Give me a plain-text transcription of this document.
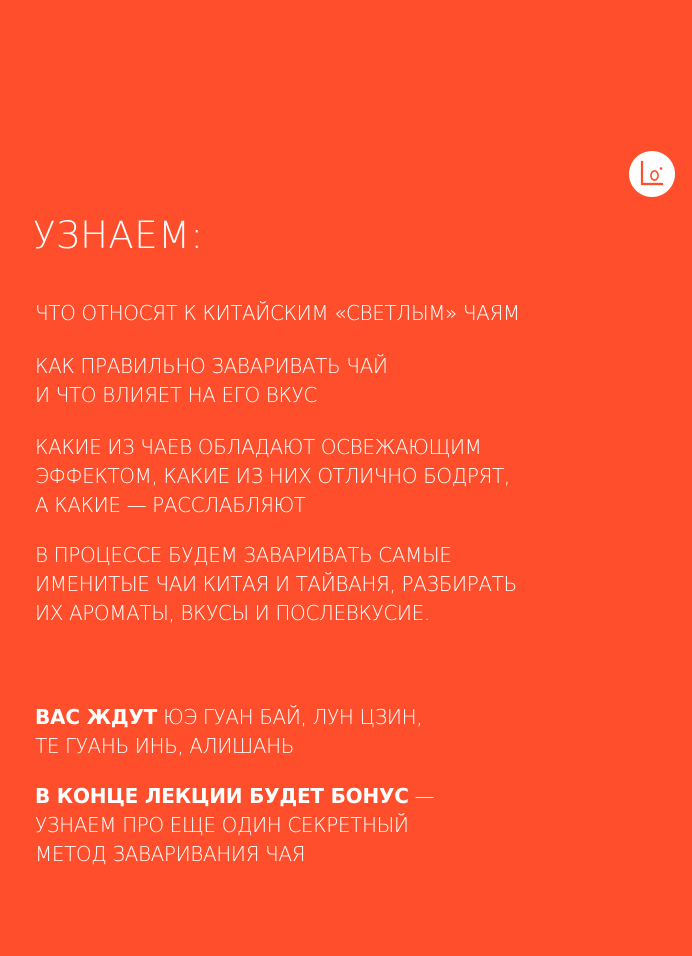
УЗНАЕМ:
ЧТО ОТНОСЯТ К КИТАЙСКИМ «СВЕТЛЫМ» ЧАЯМ
КАК ПРАВИЛЬНО ЗАВАРИВАТЬ ЧАЙ
И ЧТО ВЛИЯЕТ НА ЕГО ВКУС
КАКИЕ ИЗ ЧАЕВ ОБЛАДАЮТ ОСВЕЖАЮЩИМ
ЭФФЕКТОМ, КАКИЕ ИЗ НИХ ОТЛИЧНО БОДРЯТ,
А КАКИЕ — РАССЛАБЛЯЮТ
В ПРОЦЕССЕ БУДЕМ ЗАВАРИВАТЬ САМЫЕ
ИМЕНИТЫЕ ЧАИ КИТАЯ И ТАЙВАНЯ, РАЗБИРАТЬ
ИХ АРОМАТЫ, ВКУСЫ И ПОСЛЕВКУСИЕ.
ВАС ЖДУТ ЮЭ ГУАН БАЙ, ЛУН ЦЗИН,
ТЕ ГУАНЬ ИНЬ, АЛИШАНЬ
В КОНЦЕ ЛЕКЦИИ БУДЕТ БОНУС —
УЗНАЕМ ПРО ЕЩЕ ОДИН СЕКРЕТНЫЙ
МЕТОД ЗАВАРИВАНИЯ ЧАЯ
